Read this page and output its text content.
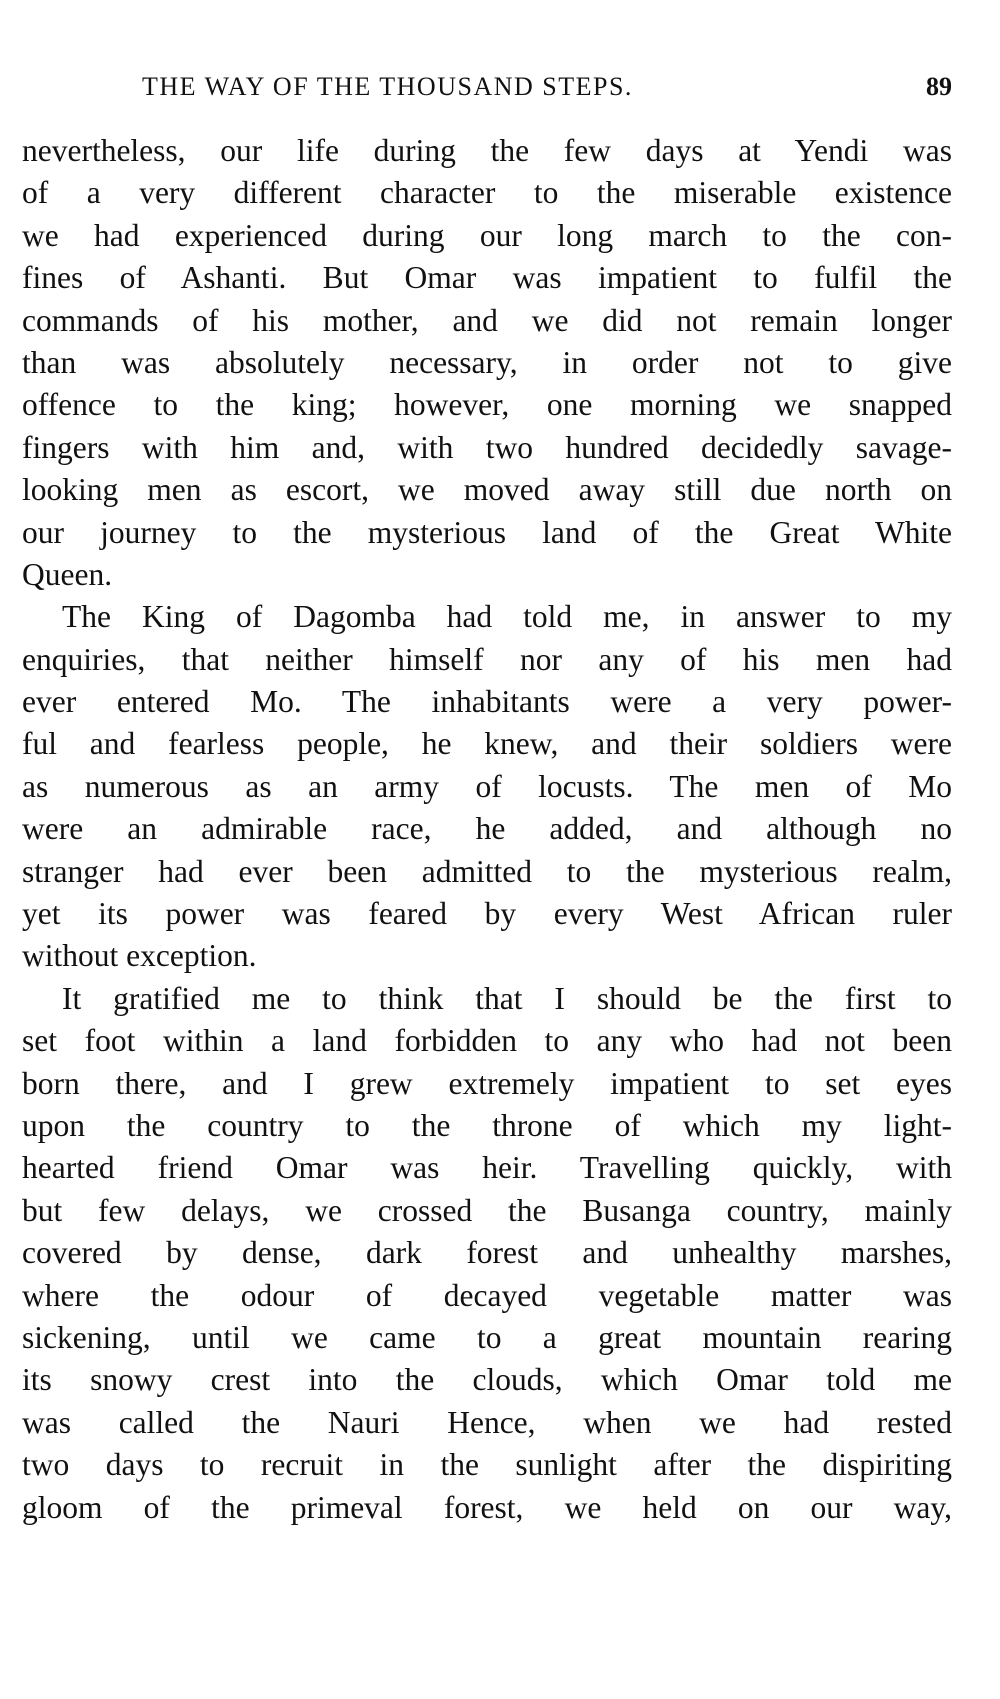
THE WAY OF THE THOUSAND STEPS.	89
nevertheless, our life during the few days at Yendi was
of a very different character to the miserable existence
we had experienced during our long march to the con-
fines of Ashanti. But Omar was impatient to fulfil the
commands of his mother, and we did not remain longer
than was absolutely necessary, in order not to give
offence to the king; however, one morning we snapped
fingers with him and, with two hundred decidedly savage-
looking men as escort, we moved away still due north on
our journey to the mysterious land of the Great White
Queen.
The King of Dagomba had told me, in answer to my
enquiries, that neither himself nor any of his men had
ever entered Mo. The inhabitants were a very power-
ful and fearless people, he knew, and their soldiers were
as numerous as an army of locusts. The men of Mo
were an admirable race, he added, and although no
stranger had ever been admitted to the mysterious realm,
yet its power was feared by every West African ruler
without exception.
It gratified me to think that I should be the first to
set foot within a land forbidden to any who had not been
born there, and I grew extremely impatient to set eyes
upon the country to the throne of which my light-
hearted friend Omar was heir. Travelling quickly, with
but few delays, we crossed the Busanga country, mainly
covered by dense, dark forest and unhealthy marshes,
where the odour of decayed vegetable matter was
sickening, until we came to a great mountain rearing
its snowy crest into the clouds, which Omar told me
was called the Nauri Hence, when we had rested
two days to recruit in the sunlight after the dispiriting
gloom of the primeval forest, we held on our way,
